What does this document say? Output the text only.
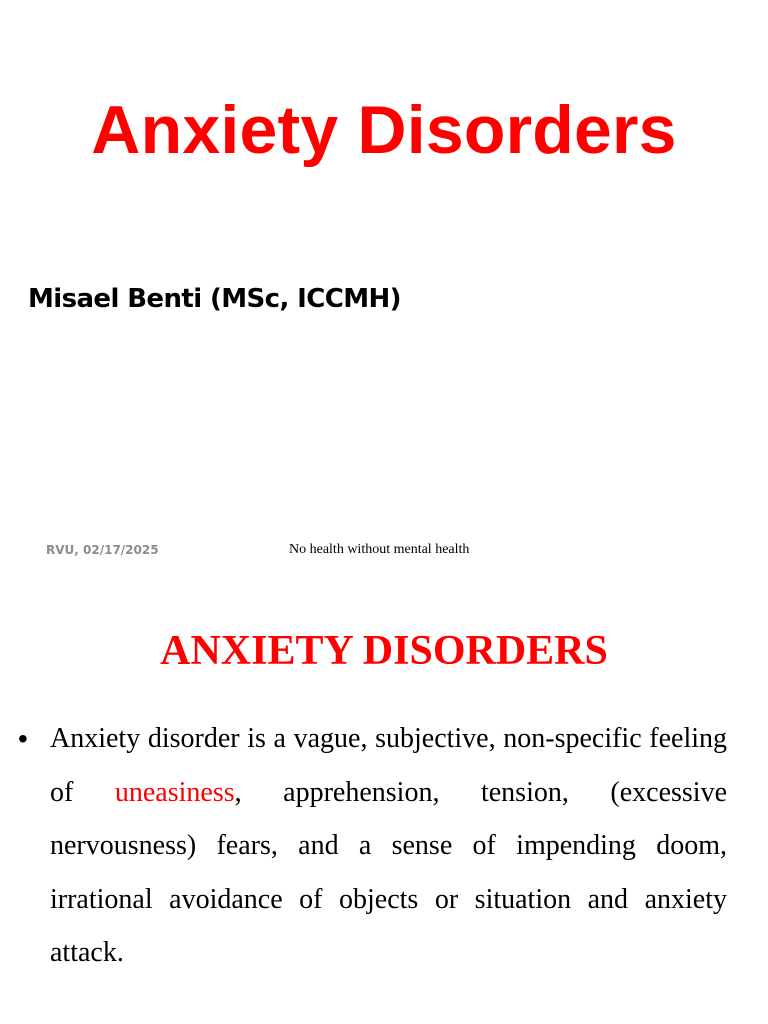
Anxiety Disorders
Misael Benti (MSc, ICCMH)
RVU, 02/17/2025	No health without mental health
ANXIETY DISORDERS
• Anxiety disorder is a vague, subjective, non-specific feeling of uneasiness, apprehension, tension, (excessive nervousness) fears, and a sense of impending doom, irrational avoidance of objects or situation and anxiety attack.
